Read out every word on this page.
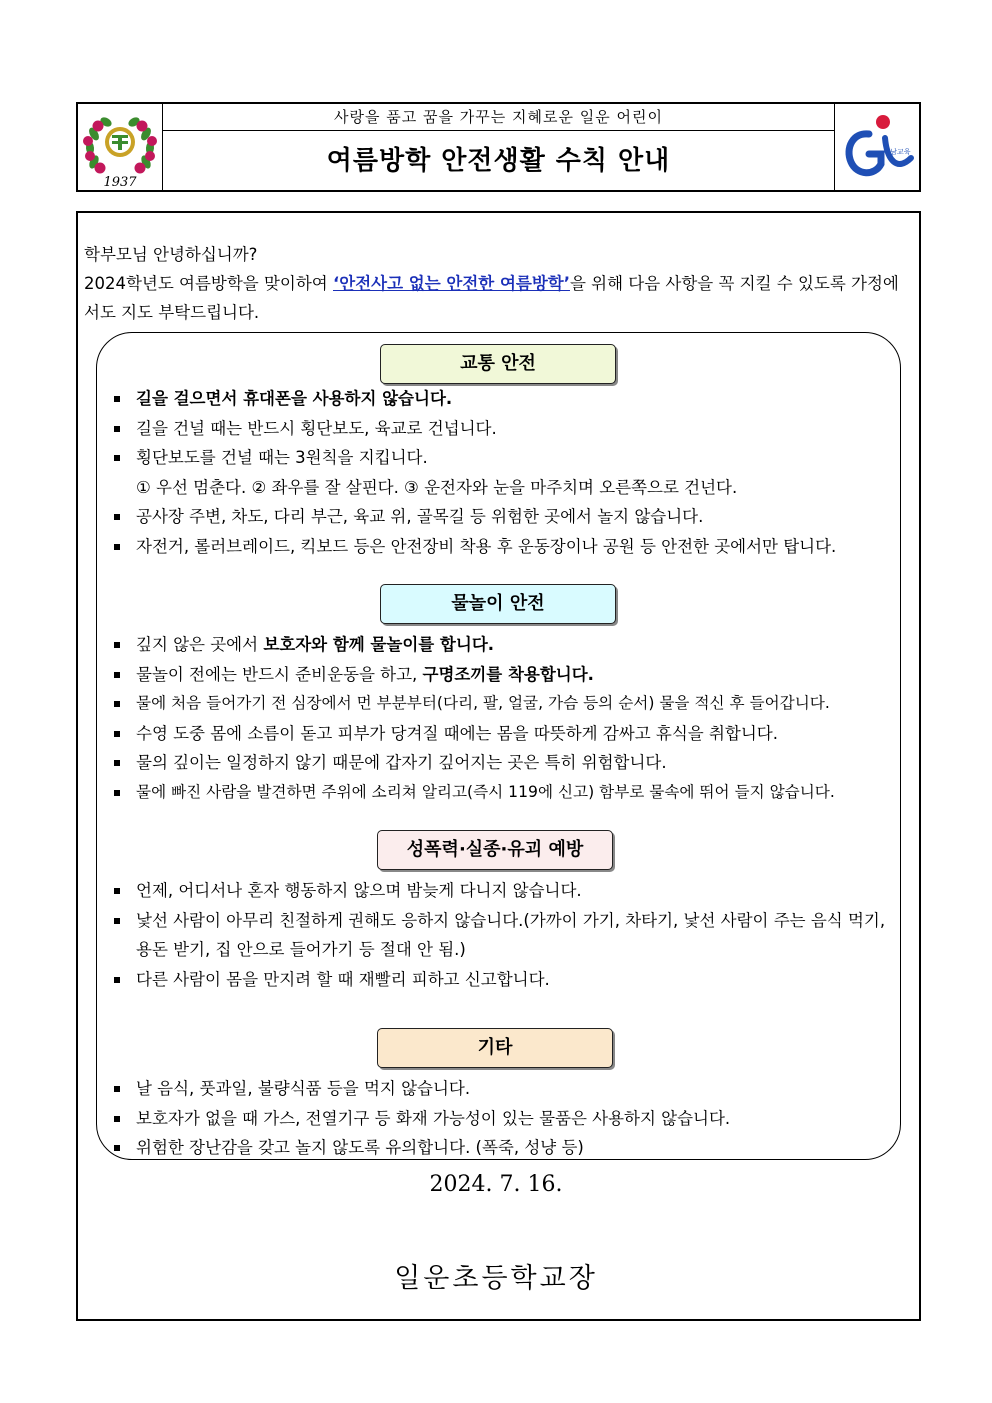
1937
사랑을 품고 꿈을 가꾸는 지혜로운 일운 어린이
여름방학 안전생활 수칙 안내	경남교육

학부모님 안녕하십니까?

2024학년도 여름방학을 맞이하여 ‘안전사고 없는 안전한 여름방학’을 위해 다음 사항을 꼭 지킬 수 있도록 가정에서도 지도 부탁드립니다.

교통 안전
길을 걸으면서 휴대폰을 사용하지 않습니다.
길을 건널 때는 반드시 횡단보도, 육교로 건넙니다.
횡단보도를 건널 때는 3원칙을 지킵니다.
① 우선 멈춘다. ② 좌우를 잘 살핀다. ③ 운전자와 눈을 마주치며 오른쪽으로 건넌다.
공사장 주변, 차도, 다리 부근, 육교 위, 골목길 등 위험한 곳에서 놀지 않습니다.
자전거, 롤러브레이드, 킥보드 등은 안전장비 착용 후 운동장이나 공원 등 안전한 곳에서만 탑니다.
물놀이 안전
깊지 않은 곳에서 보호자와 함께 물놀이를 합니다.
물놀이 전에는 반드시 준비운동을 하고, 구명조끼를 착용합니다.
물에 처음 들어가기 전 심장에서 먼 부분부터(다리, 팔, 얼굴, 가슴 등의 순서) 물을 적신 후 들어갑니다.
수영 도중 몸에 소름이 돋고 피부가 당겨질 때에는 몸을 따뜻하게 감싸고 휴식을 취합니다.
물의 깊이는 일정하지 않기 때문에 갑자기 깊어지는 곳은 특히 위험합니다.
물에 빠진 사람을 발견하면 주위에 소리쳐 알리고(즉시 119에 신고) 함부로 물속에 뛰어 들지 않습니다.
성폭력·실종·유괴 예방
언제, 어디서나 혼자 행동하지 않으며 밤늦게 다니지 않습니다.
낯선 사람이 아무리 친절하게 권해도 응하지 않습니다.(가까이 가기, 차타기, 낯선 사람이 주는 음식 먹기, 용돈 받기, 집 안으로 들어가기 등 절대 안 됨.)
다른 사람이 몸을 만지려 할 때 재빨리 피하고 신고합니다.
기타
날 음식, 풋과일, 불량식품 등을 먹지 않습니다.
보호자가 없을 때 가스, 전열기구 등 화재 가능성이 있는 물품은 사용하지 않습니다.
위험한 장난감을 갖고 놀지 않도록 유의합니다. (폭죽, 성냥 등)
2024. 7. 16.
일운초등학교장
